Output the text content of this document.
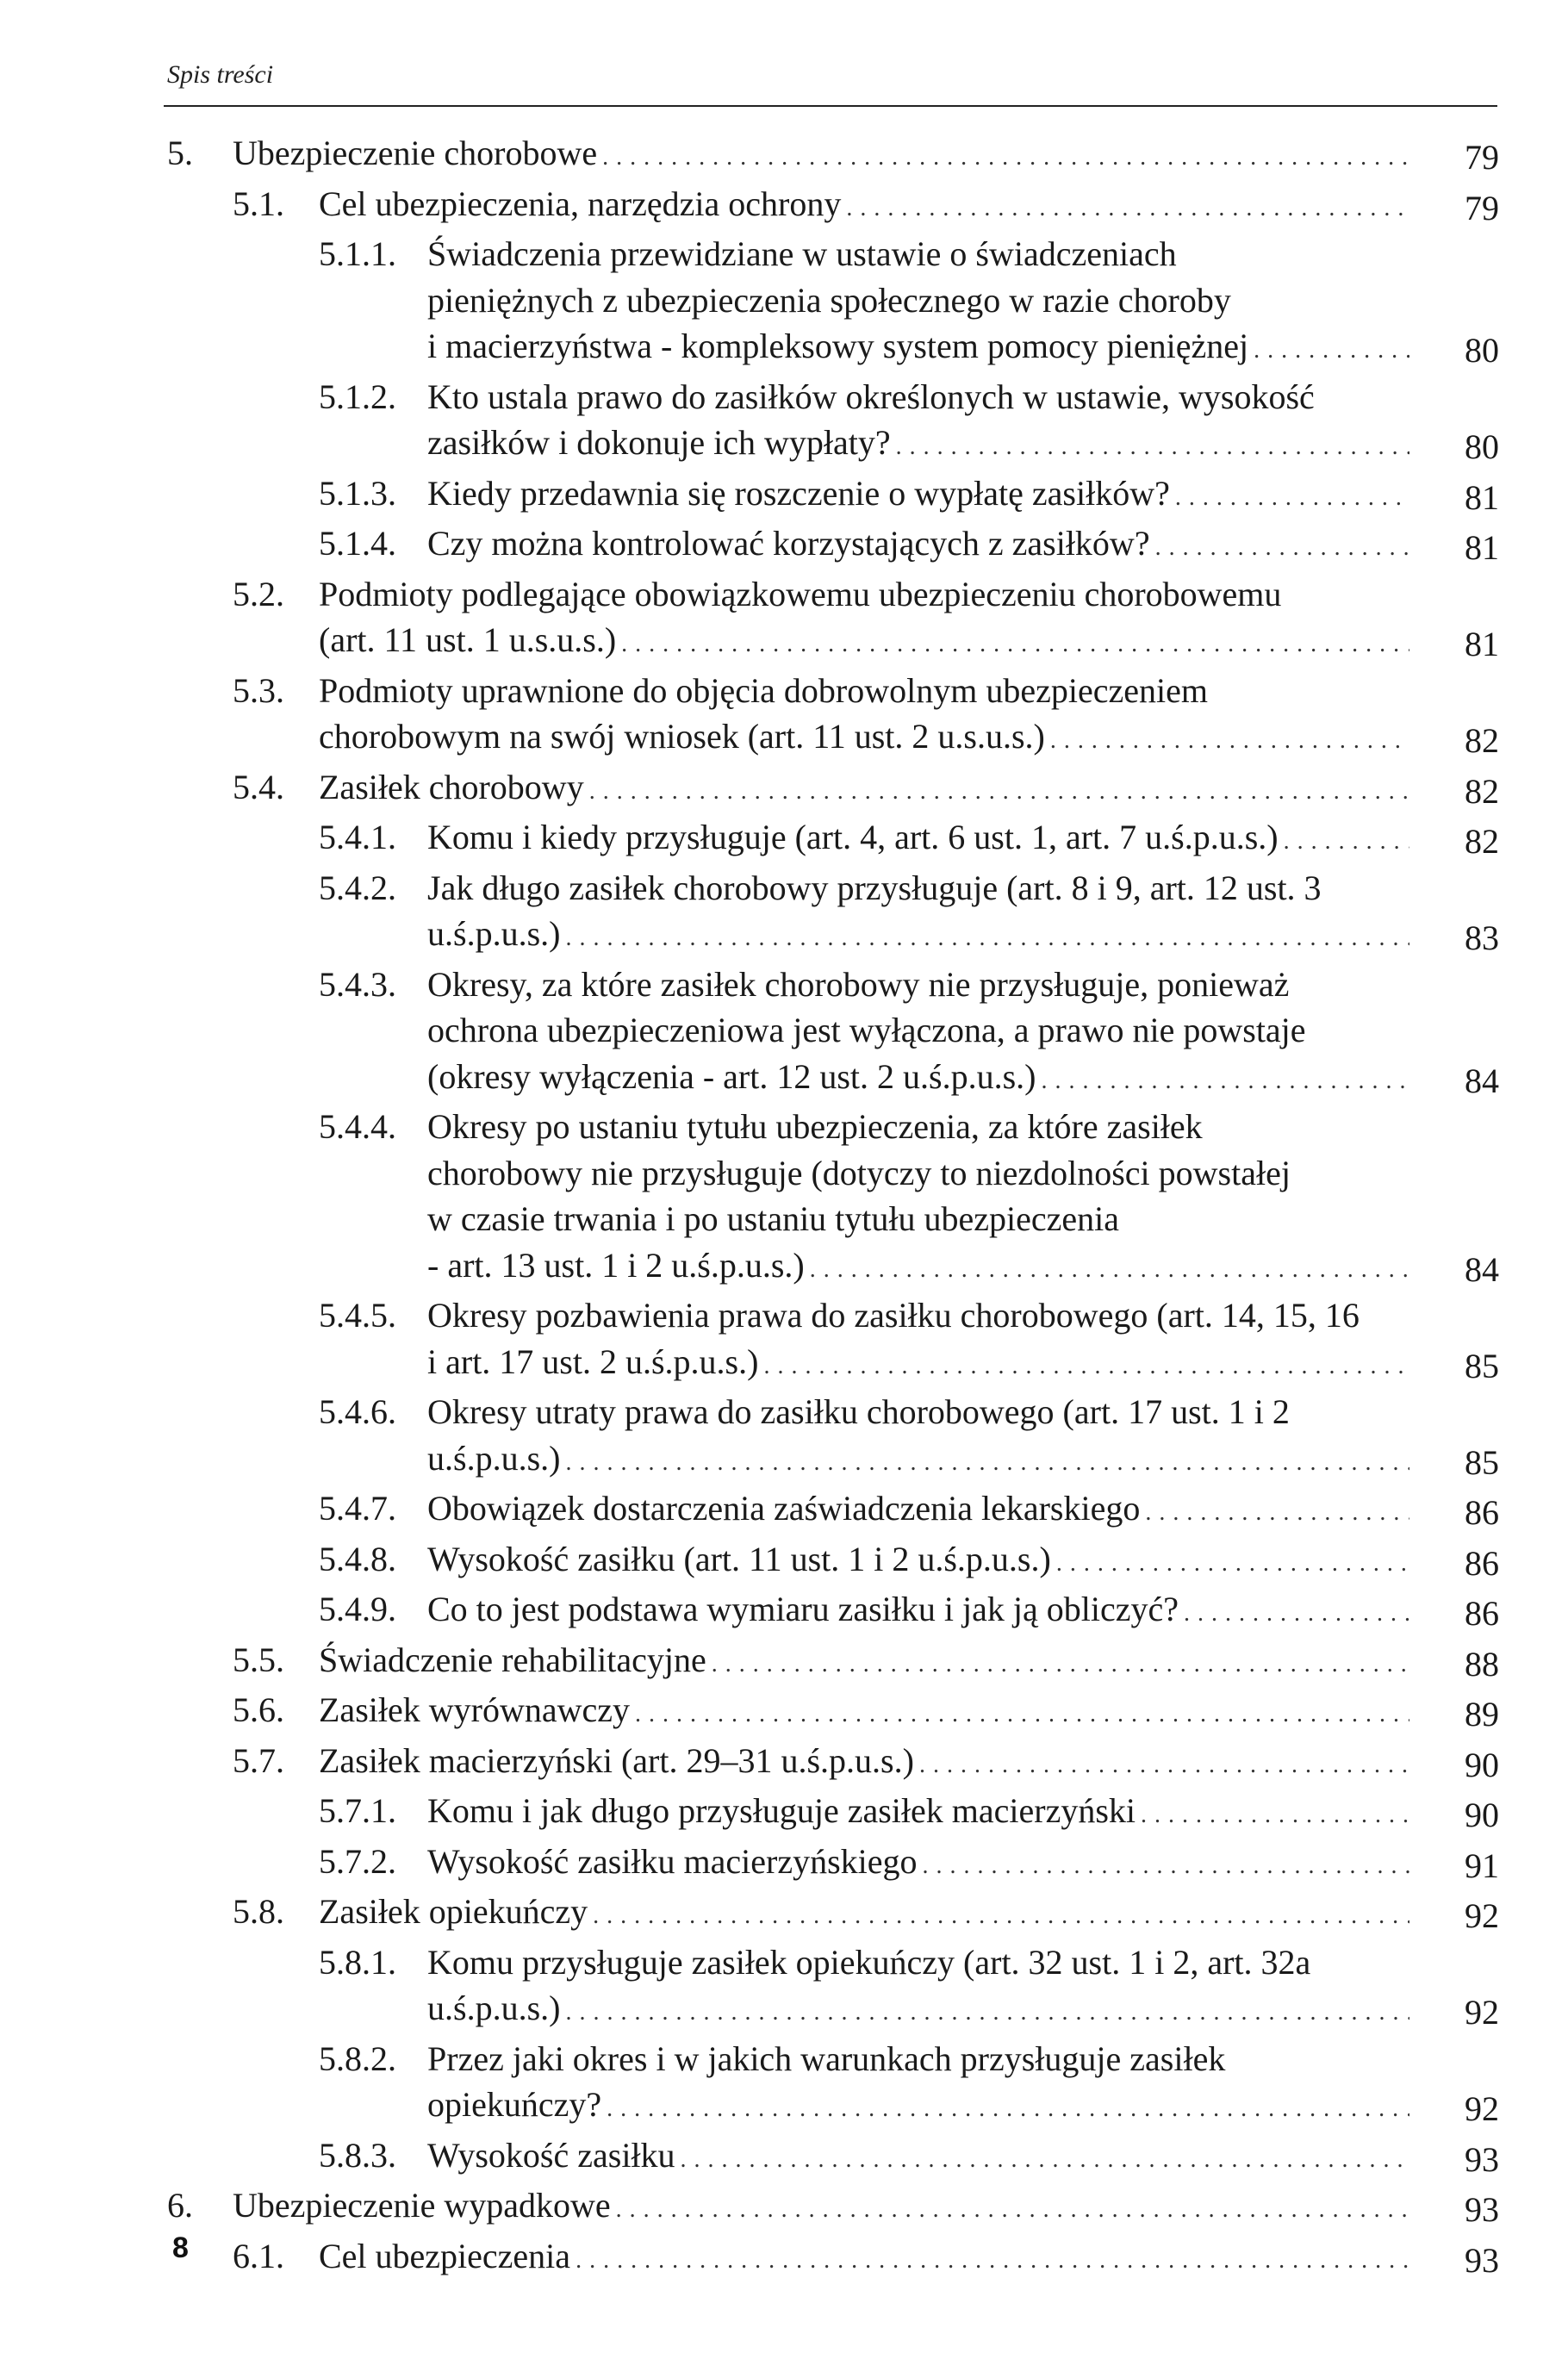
Spis treści
5. Ubezpieczenie chorobowe . . .	79
5.1. Cel ubezpieczenia, narzędzia ochrony . . .	79
5.1.1. Świadczenia przewidziane w ustawie o świadczeniach
pieniężnych z ubezpieczenia społecznego w razie choroby
i macierzyństwa - kompleksowy system pomocy pieniężnej . . .	80
5.1.2. Kto ustala prawo do zasiłków określonych w ustawie, wysokość
zasiłków i dokonuje ich wypłaty? . . .	80
5.1.3. Kiedy przedawnia się roszczenie o wypłatę zasiłków? . . .	81
5.1.4. Czy można kontrolować korzystających z zasiłków? . . .	81
5.2. Podmioty podlegające obowiązkowemu ubezpieczeniu chorobowemu
(art. 11 ust. 1 u.s.u.s.) . . .	81
5.3. Podmioty uprawnione do objęcia dobrowolnym ubezpieczeniem
chorobowym na swój wniosek (art. 11 ust. 2 u.s.u.s.) . . .	82
5.4. Zasiłek chorobowy . . .	82
5.4.1. Komu i kiedy przysługuje (art. 4, art. 6 ust. 1, art. 7 u.ś.p.u.s.) . . .	82
5.4.2. Jak długo zasiłek chorobowy przysługuje (art. 8 i 9, art. 12 ust. 3
u.ś.p.u.s.) . . .	83
5.4.3. Okresy, za które zasiłek chorobowy nie przysługuje, ponieważ
ochrona ubezpieczeniowa jest wyłączona, a prawo nie powstaje
(okresy wyłączenia - art. 12 ust. 2 u.ś.p.u.s.) . . .	84
5.4.4. Okresy po ustaniu tytułu ubezpieczenia, za które zasiłek
chorobowy nie przysługuje (dotyczy to niezdolności powstałej
w czasie trwania i po ustaniu tytułu ubezpieczenia
- art. 13 ust. 1 i 2 u.ś.p.u.s.) . . .	84
5.4.5. Okresy pozbawienia prawa do zasiłku chorobowego (art. 14, 15, 16
i art. 17 ust. 2 u.ś.p.u.s.) . . .	85
5.4.6. Okresy utraty prawa do zasiłku chorobowego (art. 17 ust. 1 i 2
u.ś.p.u.s.) . . .	85
5.4.7. Obowiązek dostarczenia zaświadczenia lekarskiego . . .	86
5.4.8. Wysokość zasiłku (art. 11 ust. 1 i 2 u.ś.p.u.s.) . . .	86
5.4.9. Co to jest podstawa wymiaru zasiłku i jak ją obliczyć? . . .	86
5.5. Świadczenie rehabilitacyjne . . .	88
5.6. Zasiłek wyrównawczy . . .	89
5.7. Zasiłek macierzyński (art. 29–31 u.ś.p.u.s.) . . .	90
5.7.1. Komu i jak długo przysługuje zasiłek macierzyński . . .	90
5.7.2. Wysokość zasiłku macierzyńskiego . . .	91
5.8. Zasiłek opiekuńczy . . .	92
5.8.1. Komu przysługuje zasiłek opiekuńczy (art. 32 ust. 1 i 2, art. 32a
u.ś.p.u.s.) . . .	92
5.8.2. Przez jaki okres i w jakich warunkach przysługuje zasiłek
opiekuńczy? . . .	92
5.8.3. Wysokość zasiłku . . .	93
6. Ubezpieczenie wypadkowe . . .	93
6.1. Cel ubezpieczenia . . .	93
8
